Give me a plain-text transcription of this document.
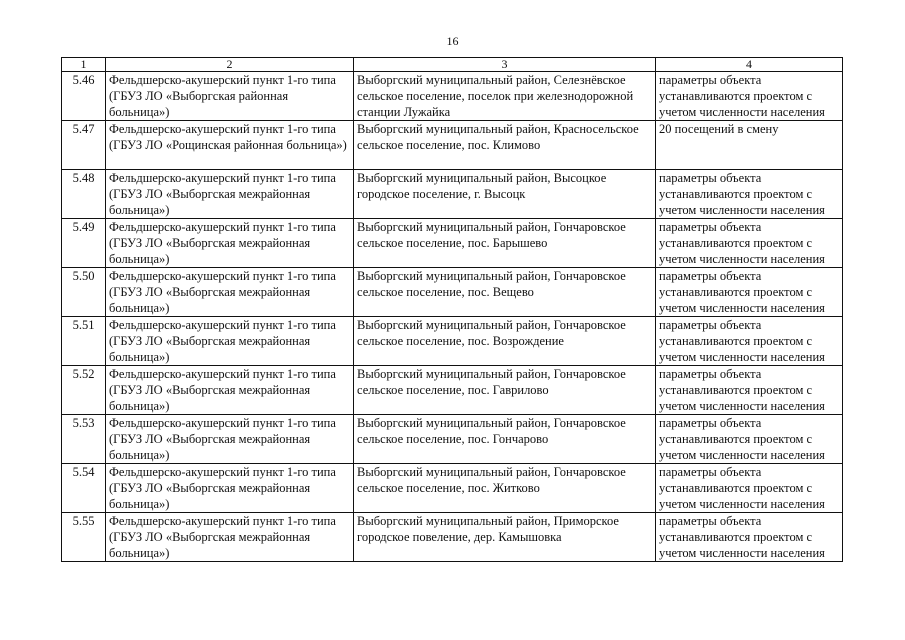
16
1	2	3	4

5.46	Фельдшерско-акушерский пункт 1-го типа (ГБУЗ ЛО «Выборгская районная больница»)	Выборгский муниципальный район, Селезнёвское сельское поселение, поселок при железнодорожной станции Лужайка	параметры объекта устанавливаются проектом с учетом численности населения

5.47	Фельдшерско-акушерский пункт 1-го типа (ГБУЗ ЛО «Рощинская районная больница»)	Выборгский муниципальный район, Красносельское сельское поселение, пос. Климово	20 посещений в смену

5.48	Фельдшерско-акушерский пункт 1-го типа (ГБУЗ ЛО «Выборгская межрайонная больница»)	Выборгский муниципальный район, Высоцкое городское поселение, г. Высоцк	параметры объекта устанавливаются проектом с учетом численности населения

5.49	Фельдшерско-акушерский пункт 1-го типа (ГБУЗ ЛО «Выборгская межрайонная больница»)	Выборгский муниципальный район, Гончаровское сельское поселение, пос. Барышево	параметры объекта устанавливаются проектом с учетом численности населения

5.50	Фельдшерско-акушерский пункт 1-го типа (ГБУЗ ЛО «Выборгская межрайонная больница»)	Выборгский муниципальный район, Гончаровское сельское поселение, пос. Вещево	параметры объекта устанавливаются проектом с учетом численности населения

5.51	Фельдшерско-акушерский пункт 1-го типа (ГБУЗ ЛО «Выборгская межрайонная больница»)	Выборгский муниципальный район, Гончаровское сельское поселение, пос. Возрождение	параметры объекта устанавливаются проектом с учетом численности населения

5.52	Фельдшерско-акушерский пункт 1-го типа (ГБУЗ ЛО «Выборгская межрайонная больница»)	Выборгский муниципальный район, Гончаровское сельское поселение, пос. Гаврилово	параметры объекта устанавливаются проектом с учетом численности населения

5.53	Фельдшерско-акушерский пункт 1-го типа (ГБУЗ ЛО «Выборгская межрайонная больница»)	Выборгский муниципальный район, Гончаровское сельское поселение, пос. Гончарово	параметры объекта устанавливаются проектом с учетом численности населения

5.54	Фельдшерско-акушерский пункт 1-го типа (ГБУЗ ЛО «Выборгская межрайонная больница»)	Выборгский муниципальный район, Гончаровское сельское поселение, пос. Житково	параметры объекта устанавливаются проектом с учетом численности населения

5.55	Фельдшерско-акушерский пункт 1-го типа (ГБУЗ ЛО «Выборгская межрайонная больница»)	Выборгский муниципальный район, Приморское городское повеление, дер. Камышовка	параметры объекта устанавливаются проектом с учетом численности населения
